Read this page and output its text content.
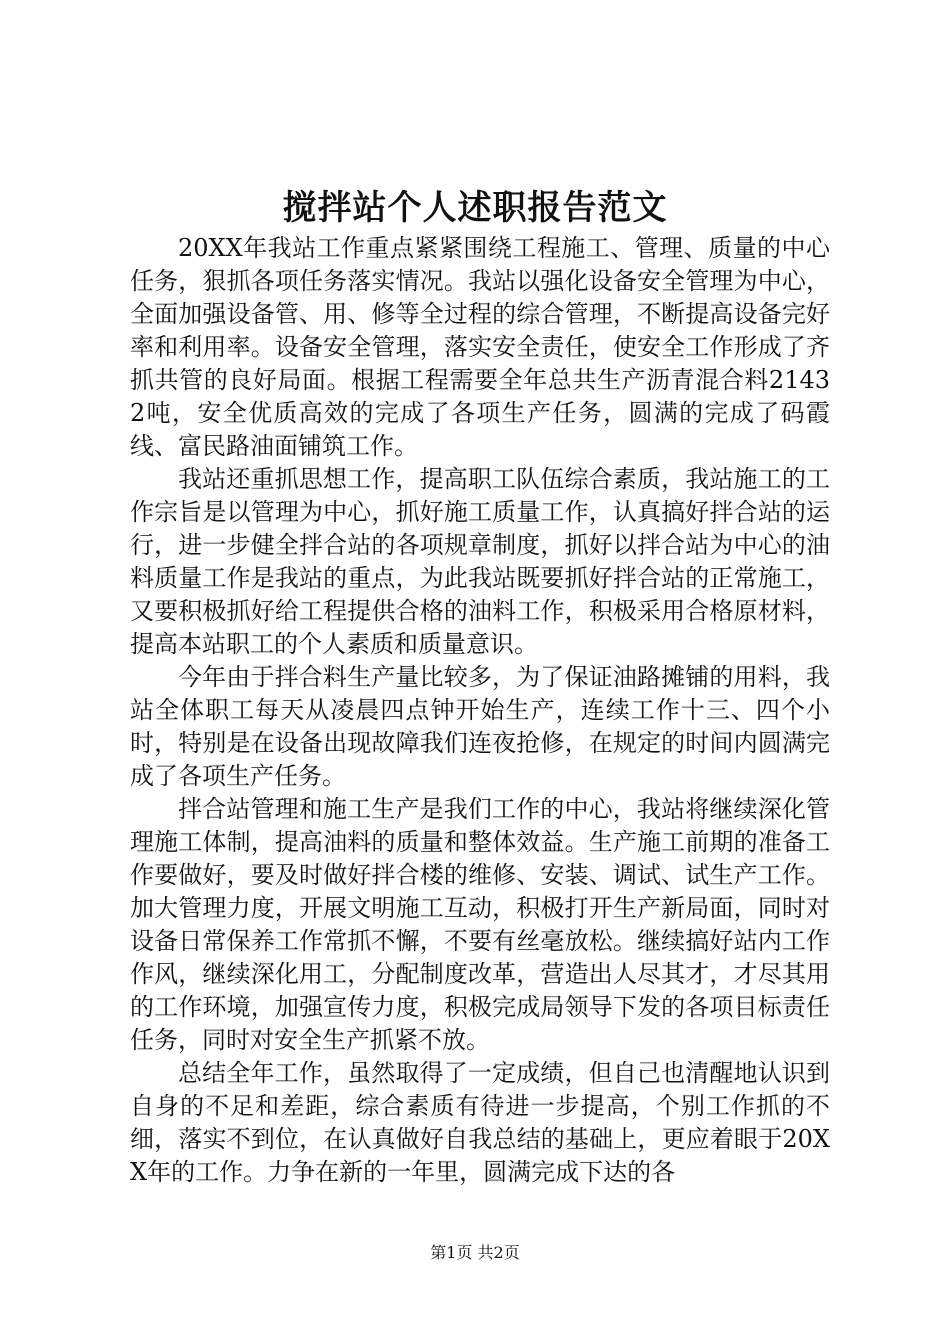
搅拌站个人述职报告范文

20XX年我站工作重点紧紧围绕工程施工、管理、质量的中心任务，狠抓各项任务落实情况。我站以强化设备安全管理为中心，全面加强设备管、用、修等全过程的综合管理，不断提高设备完好率和利用率。设备安全管理，落实安全责任，使安全工作形成了齐抓共管的良好局面。根据工程需要全年总共生产沥青混合料21432吨，安全优质高效的完成了各项生产任务，圆满的完成了码霞线、富民路油面铺筑工作。

我站还重抓思想工作，提高职工队伍综合素质，我站施工的工作宗旨是以管理为中心，抓好施工质量工作，认真搞好拌合站的运行，进一步健全拌合站的各项规章制度，抓好以拌合站为中心的油料质量工作是我站的重点，为此我站既要抓好拌合站的正常施工，又要积极抓好给工程提供合格的油料工作，积极采用合格原材料，提高本站职工的个人素质和质量意识。

今年由于拌合料生产量比较多，为了保证油路摊铺的用料，我站全体职工每天从凌晨四点钟开始生产，连续工作十三、四个小时，特别是在设备出现故障我们连夜抢修，在规定的时间内圆满完成了各项生产任务。

拌合站管理和施工生产是我们工作的中心，我站将继续深化管理施工体制，提高油料的质量和整体效益。生产施工前期的准备工作要做好，要及时做好拌合楼的维修、安装、调试、试生产工作。加大管理力度，开展文明施工互动，积极打开生产新局面，同时对设备日常保养工作常抓不懈，不要有丝毫放松。继续搞好站内工作作风，继续深化用工，分配制度改革，营造出人尽其才，才尽其用的工作环境，加强宣传力度，积极完成局领导下发的各项目标责任任务，同时对安全生产抓紧不放。

总结全年工作，虽然取得了一定成绩，但自己也清醒地认识到自身的不足和差距，综合素质有待进一步提高，个别工作抓的不细，落实不到位，在认真做好自我总结的基础上，更应着眼于20XX年的工作。力争在新的一年里，圆满完成下达的各

第1页 共2页
